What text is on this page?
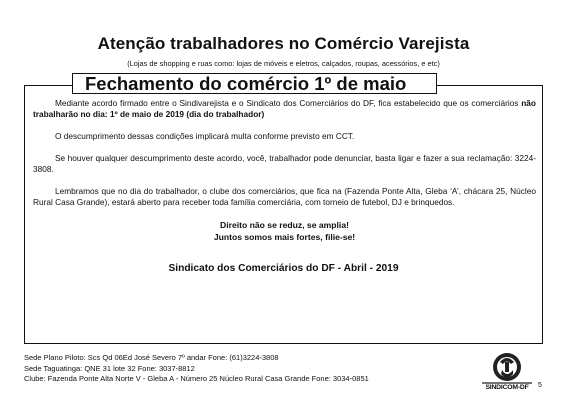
Atenção trabalhadores no Comércio Varejista
(Lojas de shopping e ruas como: lojas de móveis e eletros, calçados, roupas, acessórios, e etc)
Fechamento do comércio 1º de maio

Mediante acordo firmado entre o Sindivarejista e o Sindicato dos Comerciários do DF, fica estabelecido que os comerciários não trabalharão no dia: 1º de maio de 2019 (dia do trabalhador)

O descumprimento dessas condições implicará multa conforme previsto em CCT.

Se houver qualquer descumprimento deste acordo, você, trabalhador pode denunciar, basta ligar e fazer a sua reclamação: 3224-3808.

Lembramos que no dia do trabalhador, o clube dos comerciários, que fica na (Fazenda Ponte Alta, Gleba ‘A’, chácara 25, Núcleo Rural Casa Grande), estará aberto para receber toda família comerciária, com torneio de futebol, DJ e brinquedos.

Direito não se reduz, se amplia!
Juntos somos mais fortes, filie-se!
Sindicato dos Comerciários do DF - Abril - 2019
Sede Plano Piloto: Scs Qd 06Ed José Severo 7º andar Fone: (61)3224-3808
Sede Taguatinga: QNE 31 lote 32 Fone: 3037-8812
Clube: Fazenda Ponte Alta Norte V - Gleba A - Número 25 Núcleo Rural Casa Grande Fone: 3034-0851
SINDICOM-DF	5
